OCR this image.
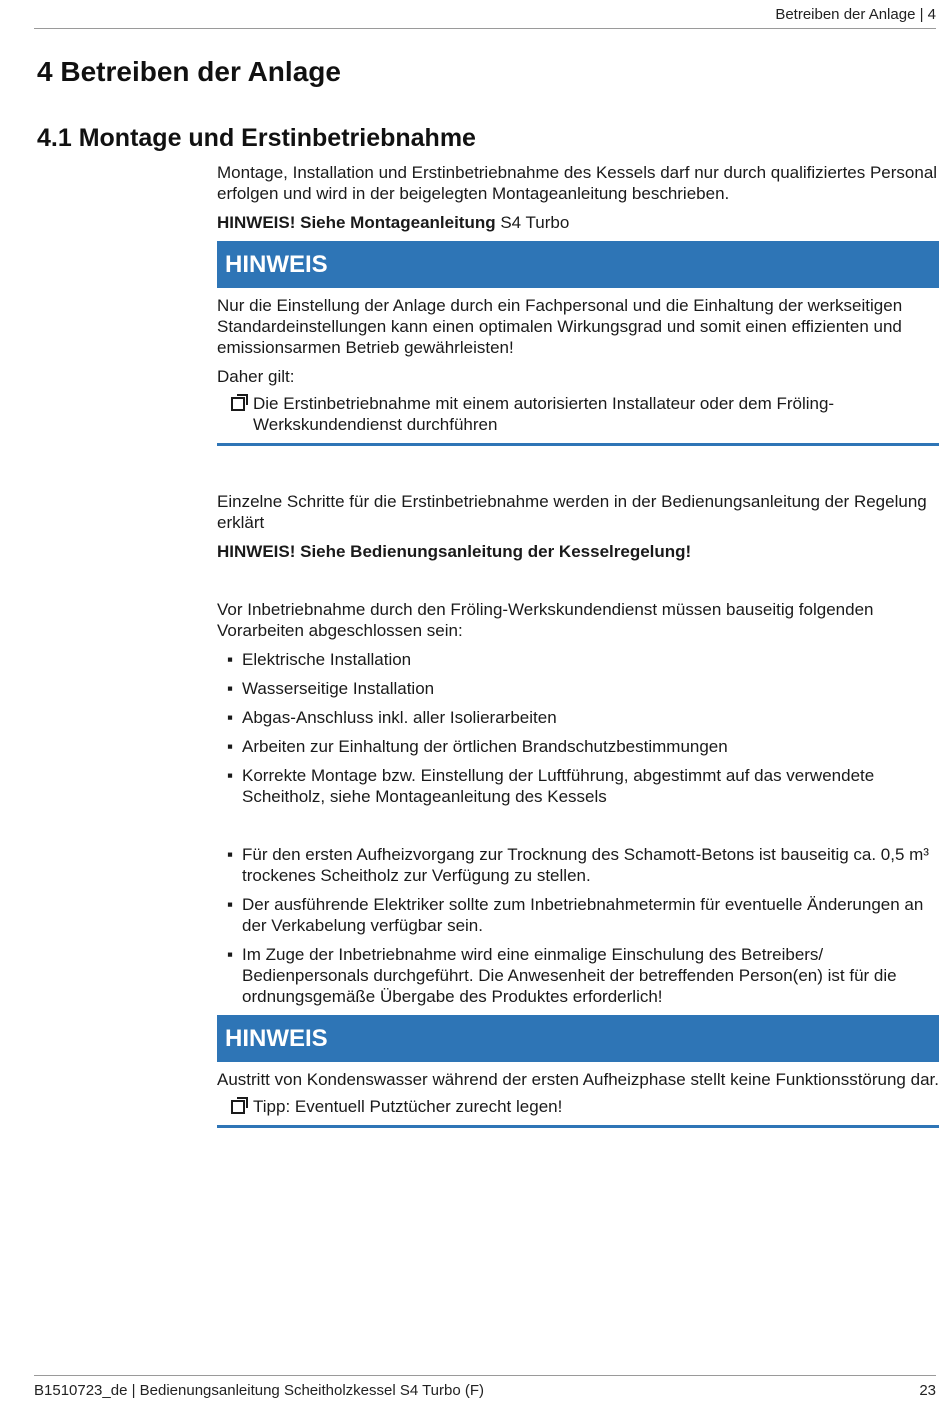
Betreiben der Anlage | 4
4 Betreiben der Anlage
4.1 Montage und Erstinbetriebnahme

Montage, Installation und Erstinbetriebnahme des Kessels darf nur durch qualifiziertes Personal erfolgen und wird in der beigelegten Montageanleitung beschrieben.

HINWEIS! Siehe Montageanleitung S4 Turbo

HINWEIS

Nur die Einstellung der Anlage durch ein Fachpersonal und die Einhaltung der werkseitigen Standardeinstellungen kann einen optimalen Wirkungsgrad und somit einen effizienten und emissionsarmen Betrieb gewährleisten!

Daher gilt:

Die Erstinbetriebnahme mit einem autorisierten Installateur oder dem Fröling-Werkskundendienst durchführen

Einzelne Schritte für die Erstinbetriebnahme werden in der Bedienungsanleitung der Regelung erklärt

HINWEIS! Siehe Bedienungsanleitung der Kesselregelung!

Vor Inbetriebnahme durch den Fröling-Werkskundendienst müssen bauseitig folgenden Vorarbeiten abgeschlossen sein:

▪ Elektrische Installation
▪ Wasserseitige Installation
▪ Abgas-Anschluss inkl. aller Isolierarbeiten
▪ Arbeiten zur Einhaltung der örtlichen Brandschutzbestimmungen
▪ Korrekte Montage bzw. Einstellung der Luftführung, abgestimmt auf das verwendete Scheitholz, siehe Montageanleitung des Kessels
▪ Für den ersten Aufheizvorgang zur Trocknung des Schamott-Betons ist bauseitig ca. 0,5 m³ trockenes Scheitholz zur Verfügung zu stellen.
▪ Der ausführende Elektriker sollte zum Inbetriebnahmetermin für eventuelle Änderungen an der Verkabelung verfügbar sein.
▪ Im Zuge der Inbetriebnahme wird eine einmalige Einschulung des Betreibers/ Bedienpersonals durchgeführt. Die Anwesenheit der betreffenden Person(en) ist für die ordnungsgemäße Übergabe des Produktes erforderlich!
HINWEIS

Austritt von Kondenswasser während der ersten Aufheizphase stellt keine Funktionsstörung dar.

Tipp: Eventuell Putztücher zurecht legen!
B1510723_de | Bedienungsanleitung Scheitholzkessel S4 Turbo (F)	23
